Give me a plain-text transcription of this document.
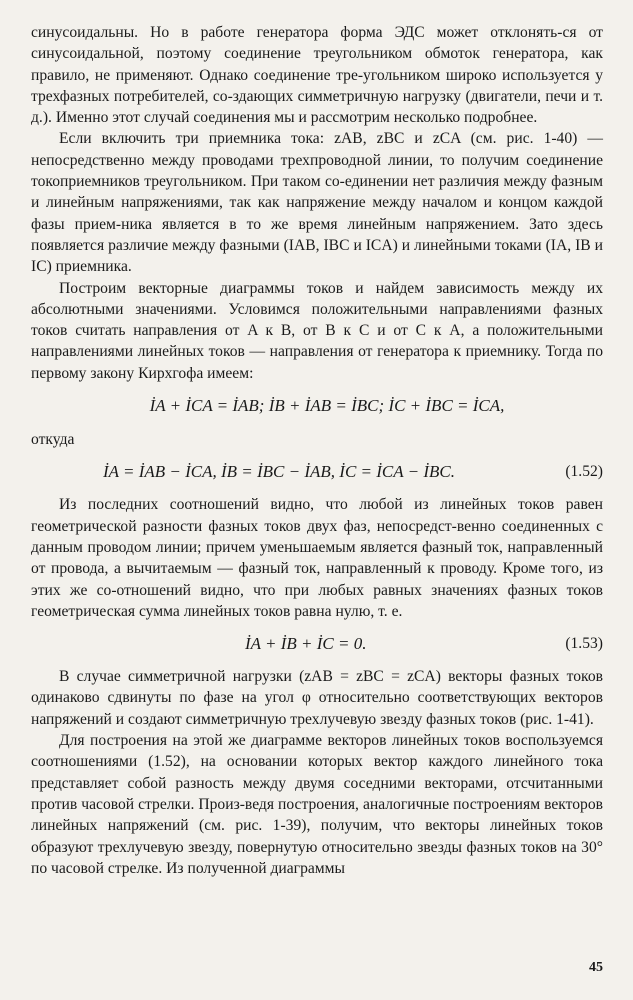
синусоидальны. Но в работе генератора форма ЭДС может отклонять-ся от синусоидальной, поэтому соединение треугольником обмоток генератора, как правило, не применяют. Однако соединение тре-угольником широко используется у трехфазных потребителей, со-здающих симметричную нагрузку (двигатели, печи и т. д.). Именно этот случай соединения мы и рассмотрим несколько подробнее.

Если включить три приемника тока: zAB, zBC и zCA (см. рис. 1-40) — непосредственно между проводами трехпроводной линии, то получим соединение токоприемников треугольником. При таком со-единении нет различия между фазным и линейным напряжениями, так как напряжение между началом и концом каждой фазы прием-ника является в то же время линейным напряжением. Зато здесь появляется различие между фазными (IAB, IBC и ICA) и линейными токами (IA, IB и IC) приемника.

Построим векторные диаграммы токов и найдем зависимость между их абсолютными значениями. Условимся положительными направлениями фазных токов считать направления от A к B, от B к C и от C к A, а положительными направлениями линейных токов — направления от генератора к приемнику. Тогда по первому закону Кирхгофа имеем:

İA + İCA = İAB; İB + İAB = İBC; İC + İBC = İCA,

откуда

İA = İAB − İCA, İB = İBC − İAB, İC = İCA − İBC.	(1.52)

Из последних соотношений видно, что любой из линейных токов равен геометрической разности фазных токов двух фаз, непосредст-венно соединенных с данным проводом линии; причем уменьшаемым является фазный ток, направленный от провода, а вычитаемым — фазный ток, направленный к проводу. Кроме того, из этих же со-отношений видно, что при любых равных значениях фазных токов геометрическая сумма линейных токов равна нулю, т. е.

İA + İB + İC = 0.	(1.53)

В случае симметричной нагрузки (zAB = zBC = zCA) векторы фазных токов одинаково сдвинуты по фазе на угол φ относительно соответствующих векторов напряжений и создают симметричную трехлучевую звезду фазных токов (рис. 1-41).

Для построения на этой же диаграмме векторов линейных токов воспользуемся соотношениями (1.52), на основании которых вектор каждого линейного тока представляет собой разность между двумя соседними векторами, отсчитанными против часовой стрелки. Произ-ведя построения, аналогичные построениям векторов линейных напряжений (см. рис. 1-39), получим, что векторы линейных токов образуют трехлучевую звезду, повернутую относительно звезды фазных токов на 30° по часовой стрелке. Из полученной диаграммы

45
